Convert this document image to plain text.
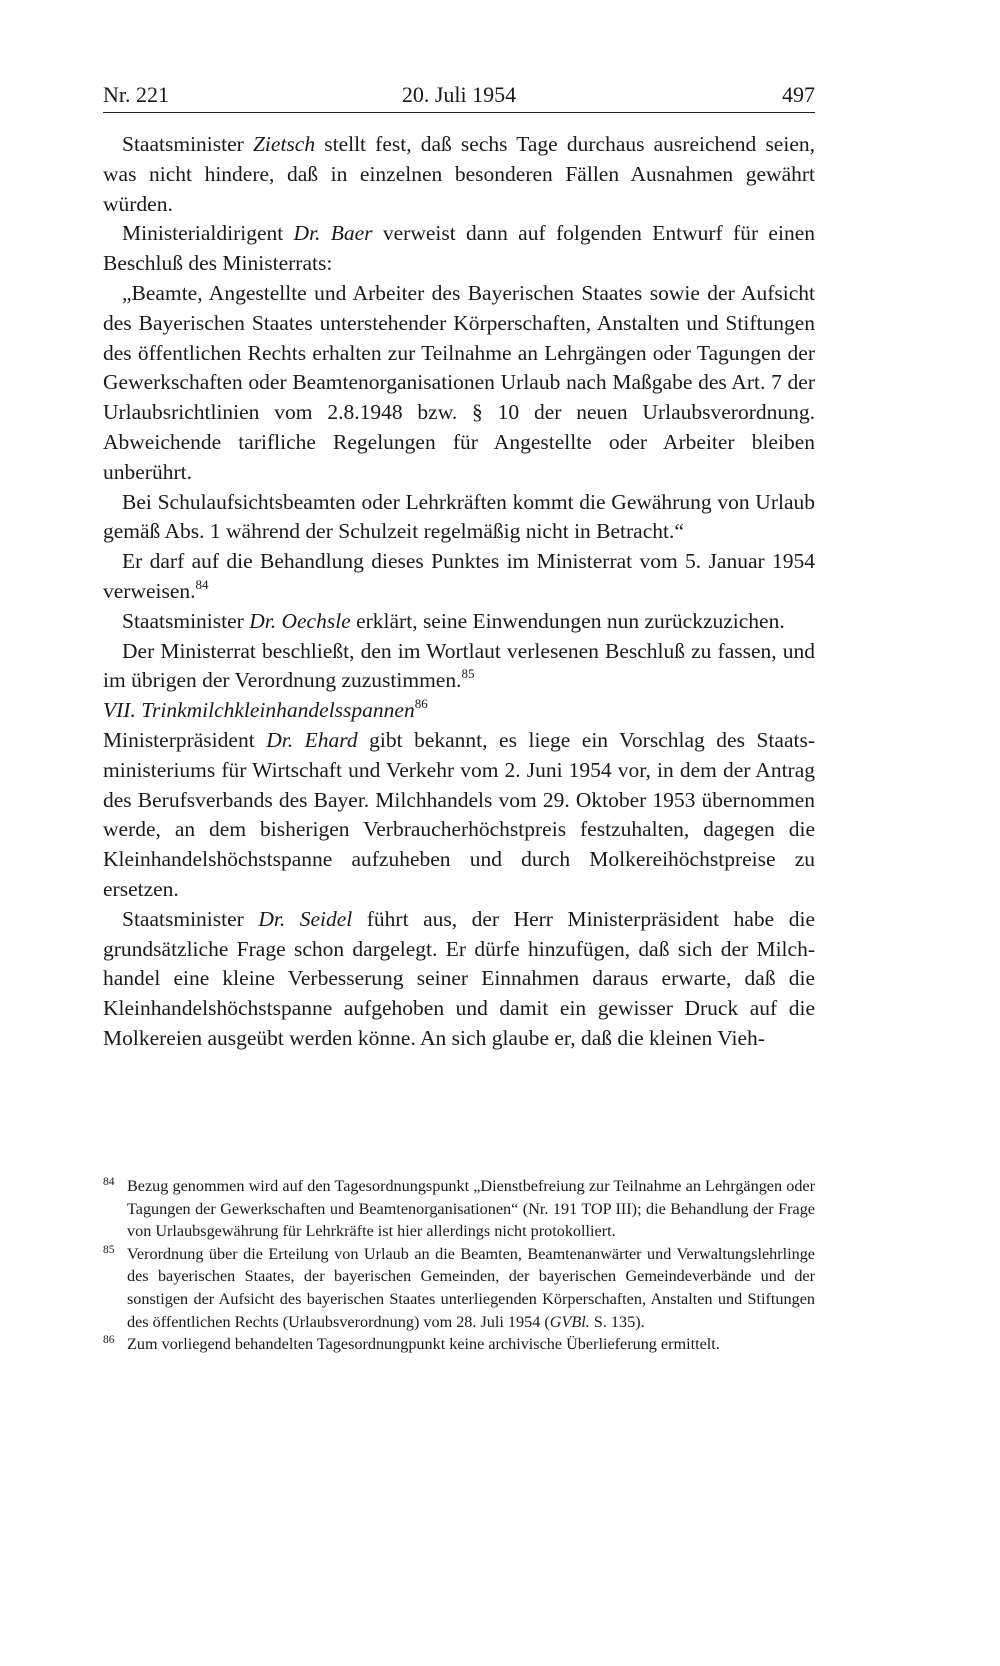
Nr. 221	20. Juli 1954	497

Staatsminister Zietsch stellt fest, daß sechs Tage durchaus ausreichend seien, was nicht hindere, daß in einzelnen besonderen Fällen Ausnahmen gewährt würden.

Ministerialdirigent Dr. Baer verweist dann auf folgenden Entwurf für einen Beschluß des Ministerrats:

„Beamte, Angestellte und Arbeiter des Bayerischen Staates sowie der Aufsicht des Bayerischen Staates unterstehender Körperschaften, Anstalten und Stiftungen des öffentlichen Rechts erhalten zur Teilnahme an Lehrgängen oder Tagungen der Gewerkschaften oder Beamtenorganisationen Urlaub nach Maßgabe des Art. 7 der Urlaubsrichtlinien vom 2.8.1948 bzw. § 10 der neuen Urlaubsverordnung. Abweichende tarifliche Regelungen für Angestellte oder Arbeiter bleiben unberührt.

Bei Schulaufsichtsbeamten oder Lehrkräften kommt die Gewährung von Urlaub gemäß Abs. 1 während der Schulzeit regelmäßig nicht in Betracht.“

Er darf auf die Behandlung dieses Punktes im Ministerrat vom 5. Januar 1954 verweisen.$^{84}$

Staatsminister Dr. Oechsle erklärt, seine Einwendungen nun zurückzuzichen.

Der Ministerrat beschließt, den im Wortlaut verlesenen Beschluß zu fassen, und im übrigen der Verordnung zuzustimmen.$^{85}$

VII. Trinkmilchkleinhandelsspannen$^{86}$

Ministerpräsident Dr. Ehard gibt bekannt, es liege ein Vorschlag des Staatsministeriums für Wirtschaft und Verkehr vom 2. Juni 1954 vor, in dem der Antrag des Berufsverbands des Bayer. Milchhandels vom 29. Oktober 1953 übernommen werde, an dem bisherigen Verbraucherhöchstpreis festzuhalten, dagegen die Kleinhandelshöchstspanne aufzuheben und durch Molkereihöchstpreise zu ersetzen.

Staatsminister Dr. Seidel führt aus, der Herr Ministerpräsident habe die grundsätzliche Frage schon dargelegt. Er dürfe hinzufügen, daß sich der Milchhandel eine kleine Verbesserung seiner Einnahmen daraus erwarte, daß die Kleinhandelshöchstspanne aufgehoben und damit ein gewisser Druck auf die Molkereien ausgeübt werden könne. An sich glaube er, daß die kleinen Vieh-

84 Bezug genommen wird auf den Tagesordnungspunkt „Dienstbefreiung zur Teilnahme an Lehrgängen oder Tagungen der Gewerkschaften und Beamtenorganisationen“ (Nr. 191 TOP III); die Behandlung der Frage von Urlaubsgewährung für Lehrkräfte ist hier allerdings nicht protokolliert.

85 Verordnung über die Erteilung von Urlaub an die Beamten, Beamtenanwärter und Verwaltungslehrlinge des bayerischen Staates, der bayerischen Gemeinden, der bayerischen Gemeindeverbände und der sonstigen der Aufsicht des bayerischen Staates unterliegenden Körperschaften, Anstalten und Stiftungen des öffentlichen Rechts (Urlaubsverordnung) vom 28. Juli 1954 (GVBl. S. 135).

86 Zum vorliegend behandelten Tagesordnungpunkt keine archivische Überlieferung ermittelt.
